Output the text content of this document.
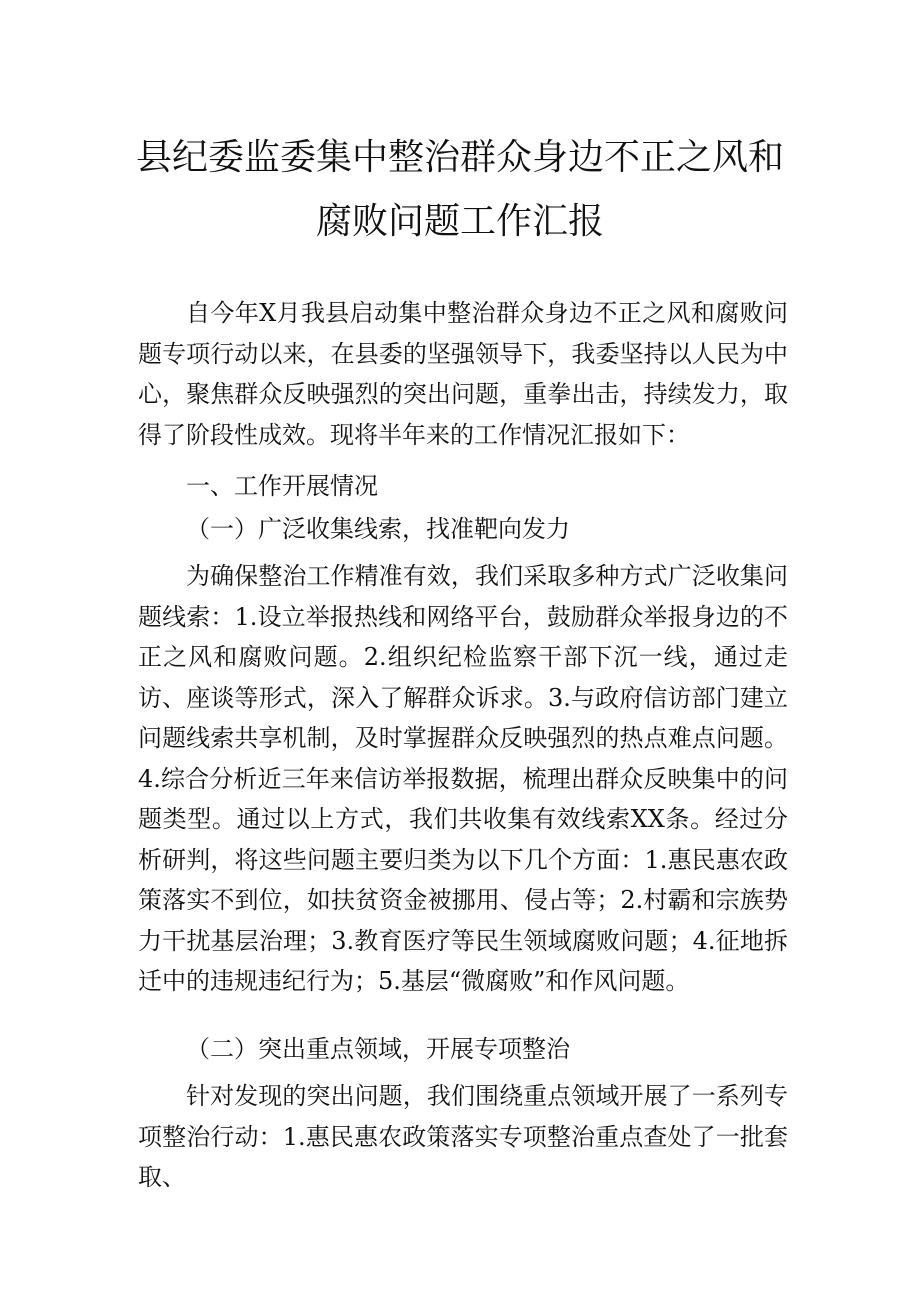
县纪委监委集中整治群众身边不正之风和
腐败问题工作汇报

自今年X月我县启动集中整治群众身边不正之风和腐败问题专项行动以来，在县委的坚强领导下，我委坚持以人民为中心，聚焦群众反映强烈的突出问题，重拳出击，持续发力，取得了阶段性成效。现将半年来的工作情况汇报如下：

一、工作开展情况
（一）广泛收集线索，找准靶向发力

为确保整治工作精准有效，我们采取多种方式广泛收集问题线索：1.设立举报热线和网络平台，鼓励群众举报身边的不正之风和腐败问题。2.组织纪检监察干部下沉一线，通过走访、座谈等形式，深入了解群众诉求。3.与政府信访部门建立问题线索共享机制，及时掌握群众反映强烈的热点难点问题。4.综合分析近三年来信访举报数据，梳理出群众反映集中的问题类型。通过以上方式，我们共收集有效线索XX条。经过分析研判，将这些问题主要归类为以下几个方面：1.惠民惠农政策落实不到位，如扶贫资金被挪用、侵占等；2.村霸和宗族势力干扰基层治理；3.教育医疗等民生领域腐败问题；4.征地拆迁中的违规违纪行为；5.基层“微腐败”和作风问题。

（二）突出重点领域，开展专项整治

针对发现的突出问题，我们围绕重点领域开展了一系列专项整治行动：1.惠民惠农政策落实专项整治重点查处了一批套取、
